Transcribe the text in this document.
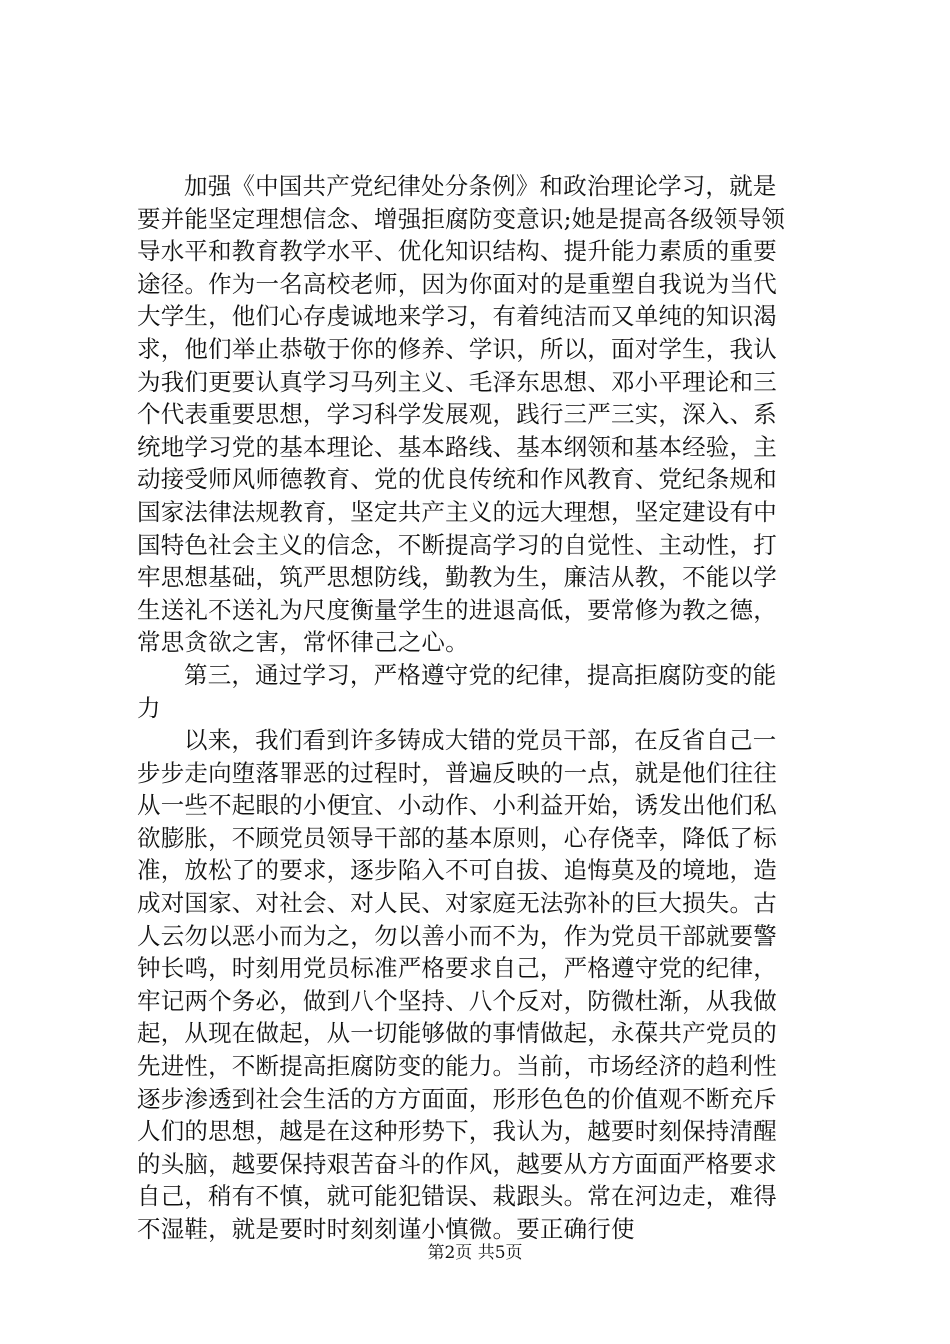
加强《中国共产党纪律处分条例》和政治理论学习，就是
要并能坚定理想信念、增强拒腐防变意识;她是提高各级领导领
导水平和教育教学水平、优化知识结构、提升能力素质的重要
途径。作为一名高校老师，因为你面对的是重塑自我说为当代
大学生，他们心存虔诚地来学习，有着纯洁而又单纯的知识渴
求，他们举止恭敬于你的修养、学识，所以，面对学生，我认
为我们更要认真学习马列主义、毛泽东思想、邓小平理论和三
个代表重要思想，学习科学发展观，践行三严三实，深入、系
统地学习党的基本理论、基本路线、基本纲领和基本经验，主
动接受师风师德教育、党的优良传统和作风教育、党纪条规和
国家法律法规教育，坚定共产主义的远大理想，坚定建设有中
国特色社会主义的信念，不断提高学习的自觉性、主动性，打
牢思想基础，筑严思想防线，勤教为生，廉洁从教，不能以学
生送礼不送礼为尺度衡量学生的进退高低，要常修为教之德，
常思贪欲之害，常怀律己之心。
第三，通过学习，严格遵守党的纪律，提高拒腐防变的能
力
以来，我们看到许多铸成大错的党员干部，在反省自己一
步步走向堕落罪恶的过程时，普遍反映的一点，就是他们往往
从一些不起眼的小便宜、小动作、小利益开始，诱发出他们私
欲膨胀，不顾党员领导干部的基本原则，心存侥幸，降低了标
准，放松了的要求，逐步陷入不可自拔、追悔莫及的境地，造
成对国家、对社会、对人民、对家庭无法弥补的巨大损失。古
人云勿以恶小而为之，勿以善小而不为，作为党员干部就要警
钟长鸣，时刻用党员标准严格要求自己，严格遵守党的纪律，
牢记两个务必，做到八个坚持、八个反对，防微杜渐，从我做
起，从现在做起，从一切能够做的事情做起，永葆共产党员的
先进性，不断提高拒腐防变的能力。当前，市场经济的趋利性
逐步渗透到社会生活的方方面面，形形色色的价值观不断充斥
人们的思想，越是在这种形势下，我认为，越要时刻保持清醒
的头脑，越要保持艰苦奋斗的作风，越要从方方面面严格要求
自己，稍有不慎，就可能犯错误、栽跟头。常在河边走，难得
不湿鞋，就是要时时刻刻谨小慎微。要正确行使
第2页 共5页
